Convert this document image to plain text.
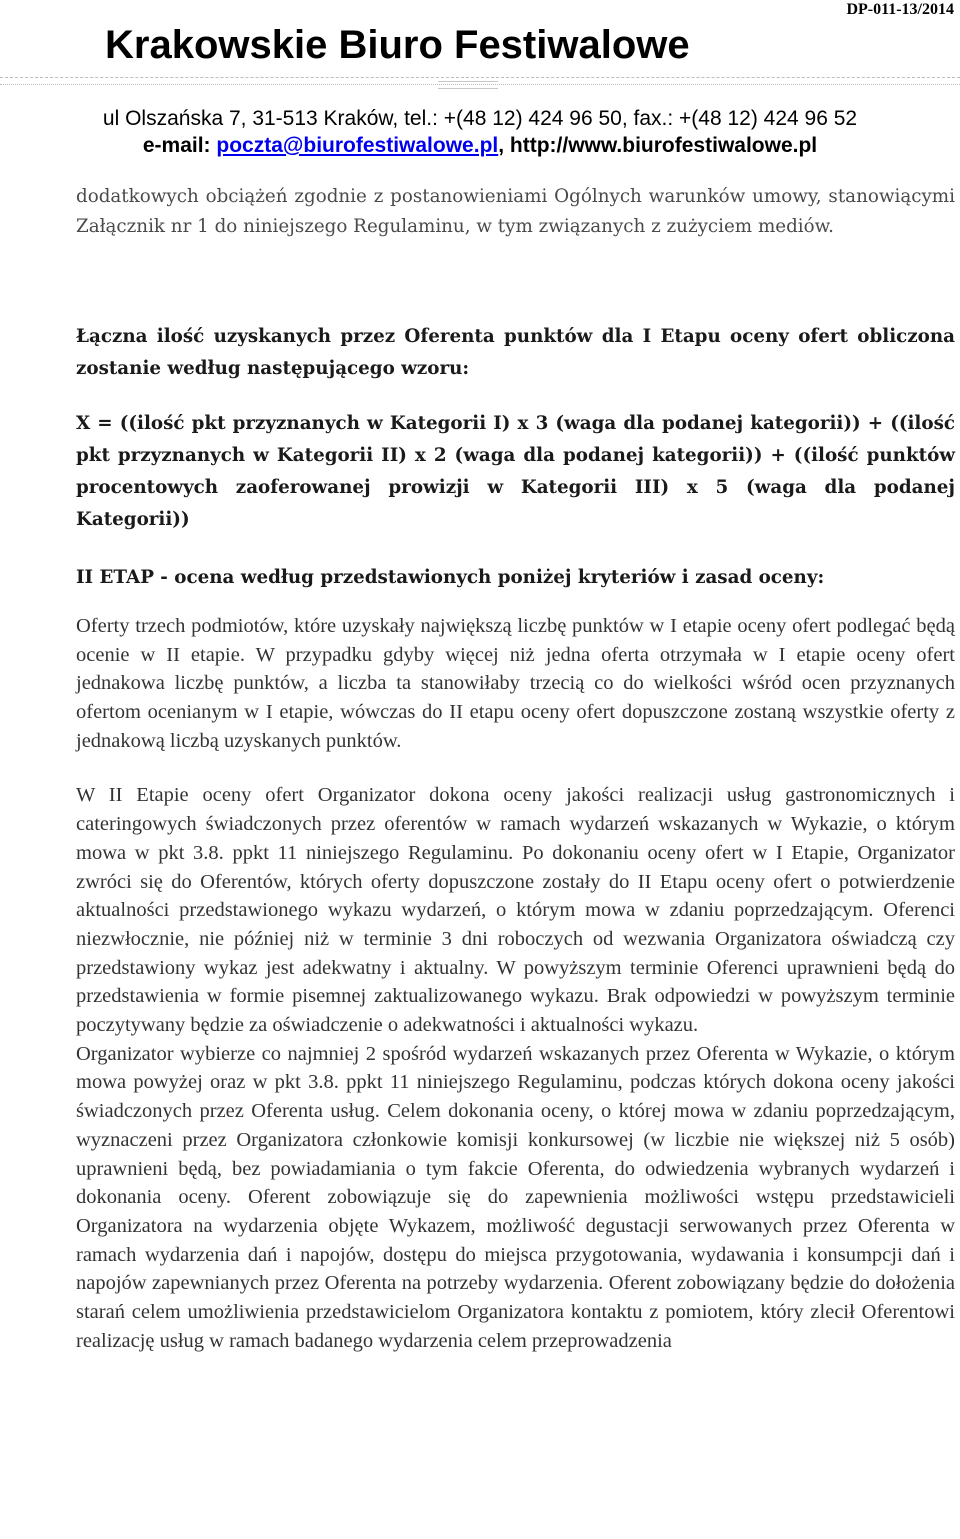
DP-011-13/2014
Krakowskie Biuro Festiwalowe
ul Olszańska 7, 31-513 Kraków, tel.: +(48 12) 424 96 50, fax.: +(48 12) 424 96 52
e-mail: poczta@biurofestiwalowe.pl, http://www.biurofestiwalowe.pl

dodatkowych obciążeń zgodnie z postanowieniami Ogólnych warunków umowy, stanowiącymi Załącznik nr 1 do niniejszego Regulaminu, w tym związanych z zużyciem mediów.

Łączna ilość uzyskanych przez Oferenta punktów dla I Etapu oceny ofert obliczona zostanie według następującego wzoru:

X = ((ilość pkt przyznanych w Kategorii I) x 3 (waga dla podanej kategorii)) + ((ilość pkt przyznanych w Kategorii II) x 2 (waga dla podanej kategorii)) + ((ilość punktów procentowych zaoferowanej prowizji w Kategorii III) x 5 (waga dla podanej Kategorii))

II ETAP - ocena według przedstawionych poniżej kryteriów i zasad oceny:

Oferty trzech podmiotów, które uzyskały największą liczbę punktów w I etapie oceny ofert podlegać będą ocenie w II etapie. W przypadku gdyby więcej niż jedna oferta otrzymała w I etapie oceny ofert jednakowa liczbę punktów, a liczba ta stanowiłaby trzecią co do wielkości wśród ocen przyznanych ofertom ocenianym w I etapie, wówczas do II etapu oceny ofert dopuszczone zostaną wszystkie oferty z jednakową liczbą uzyskanych punktów.

W II Etapie oceny ofert Organizator dokona oceny jakości realizacji usług gastronomicznych i cateringowych świadczonych przez oferentów w ramach wydarzeń wskazanych w Wykazie, o którym mowa w pkt 3.8. ppkt 11 niniejszego Regulaminu. Po dokonaniu oceny ofert w I Etapie, Organizator zwróci się do Oferentów, których oferty dopuszczone zostały do II Etapu oceny ofert o potwierdzenie aktualności przedstawionego wykazu wydarzeń, o którym mowa w zdaniu poprzedzającym. Oferenci niezwłocznie, nie później niż w terminie 3 dni roboczych od wezwania Organizatora oświadczą czy przedstawiony wykaz jest adekwatny i aktualny. W powyższym terminie Oferenci uprawnieni będą do przedstawienia w formie pisemnej zaktualizowanego wykazu. Brak odpowiedzi w powyższym terminie poczytywany będzie za oświadczenie o adekwatności i aktualności wykazu.

Organizator wybierze co najmniej 2 spośród wydarzeń wskazanych przez Oferenta w Wykazie, o którym mowa powyżej oraz w pkt 3.8. ppkt 11 niniejszego Regulaminu, podczas których dokona oceny jakości świadczonych przez Oferenta usług. Celem dokonania oceny, o której mowa w zdaniu poprzedzającym, wyznaczeni przez Organizatora członkowie komisji konkursowej (w liczbie nie większej niż 5 osób) uprawnieni będą, bez powiadamiania o tym fakcie Oferenta, do odwiedzenia wybranych wydarzeń i dokonania oceny. Oferent zobowiązuje się do zapewnienia możliwości wstępu przedstawicieli Organizatora na wydarzenia objęte Wykazem, możliwość degustacji serwowanych przez Oferenta w ramach wydarzenia dań i napojów, dostępu do miejsca przygotowania, wydawania i konsumpcji dań i napojów zapewnianych przez Oferenta na potrzeby wydarzenia. Oferent zobowiązany będzie do dołożenia starań celem umożliwienia przedstawicielom Organizatora kontaktu z pomiotem, który zlecił Oferentowi realizację usług w ramach badanego wydarzenia celem przeprowadzenia
